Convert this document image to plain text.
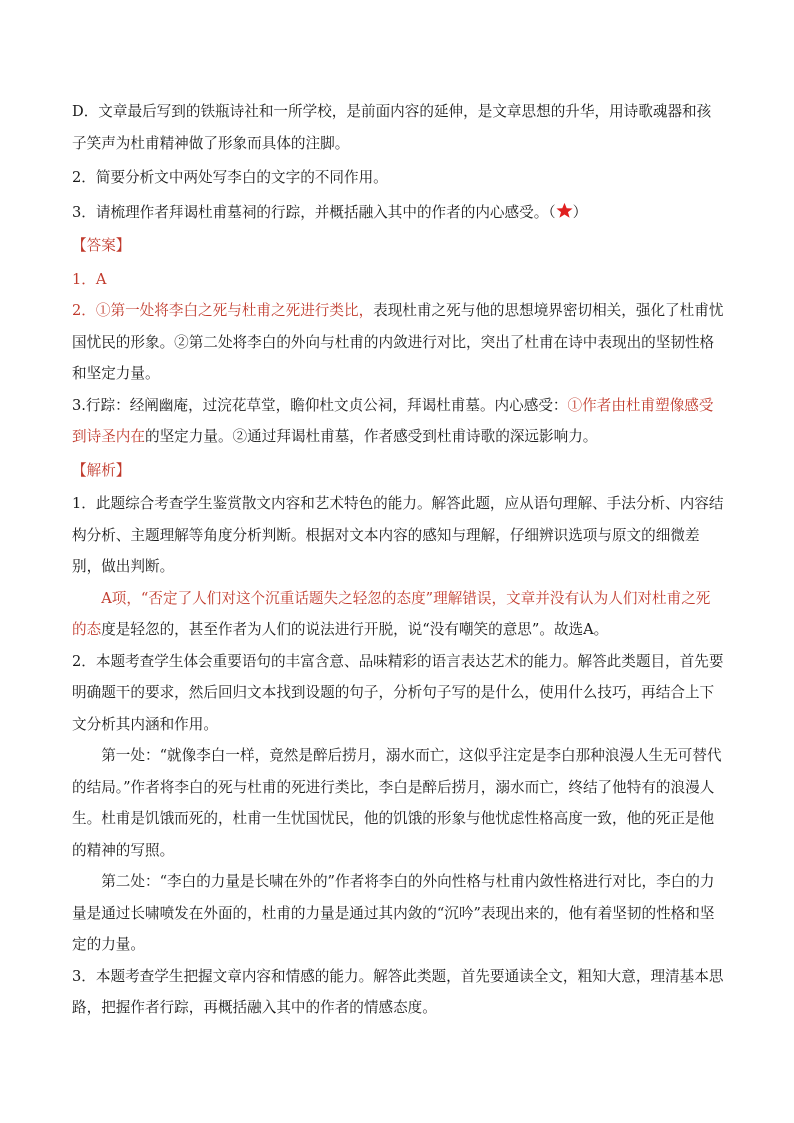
D．文章最后写到的铁瓶诗社和一所学校，是前面内容的延伸，是文章思想的升华，用诗歌魂器和孩子笑声为杜甫精神做了形象而具体的注脚。

2．简要分析文中两处写李白的文字的不同作用。

3．请梳理作者拜谒杜甫墓祠的行踪，并概括融入其中的作者的内心感受。（ ）

【答案】

1．A

2．①第一处将李白之死与杜甫之死进行类比，表现杜甫之死与他的思想境界密切相关，强化了杜甫忧国忧民的形象。②第二处将李白的外向与杜甫的内敛进行对比，突出了杜甫在诗中表现出的坚韧性格和坚定力量。

3.行踪：经阐幽庵，过浣花草堂，瞻仰杜文贞公祠，拜谒杜甫墓。内心感受：①作者由杜甫塑像感受到诗圣内在的坚定力量。②通过拜谒杜甫墓，作者感受到杜甫诗歌的深远影响力。

【解析】

1．此题综合考查学生鉴赏散文内容和艺术特色的能力。解答此题，应从语句理解、手法分析、内容结构分析、主题理解等角度分析判断。根据对文本内容的感知与理解，仔细辨识选项与原文的细微差别，做出判断。

A项，“否定了人们对这个沉重话题失之轻忽的态度”理解错误，文章并没有认为人们对杜甫之死的态度是轻忽的，甚至作者为人们的说法进行开脱，说“没有嘲笑的意思”。故选A。

2．本题考查学生体会重要语句的丰富含意、品味精彩的语言表达艺术的能力。解答此类题目，首先要明确题干的要求，然后回归文本找到设题的句子，分析句子写的是什么，使用什么技巧，再结合上下文分析其内涵和作用。

第一处：“就像李白一样，竟然是醉后捞月，溺水而亡，这似乎注定是李白那种浪漫人生无可替代的结局。”作者将李白的死与杜甫的死进行类比，李白是醉后捞月，溺水而亡，终结了他特有的浪漫人生。杜甫是饥饿而死的，杜甫一生忧国忧民，他的饥饿的形象与他忧虑性格高度一致，他的死正是他的精神的写照。

第二处：“李白的力量是长啸在外的”作者将李白的外向性格与杜甫内敛性格进行对比，李白的力量是通过长啸喷发在外面的，杜甫的力量是通过其内敛的“沉吟”表现出来的，他有着坚韧的性格和坚定的力量。

3．本题考查学生把握文章内容和情感的能力。解答此类题，首先要通读全文，粗知大意，理清基本思路，把握作者行踪，再概括融入其中的作者的情感态度。
